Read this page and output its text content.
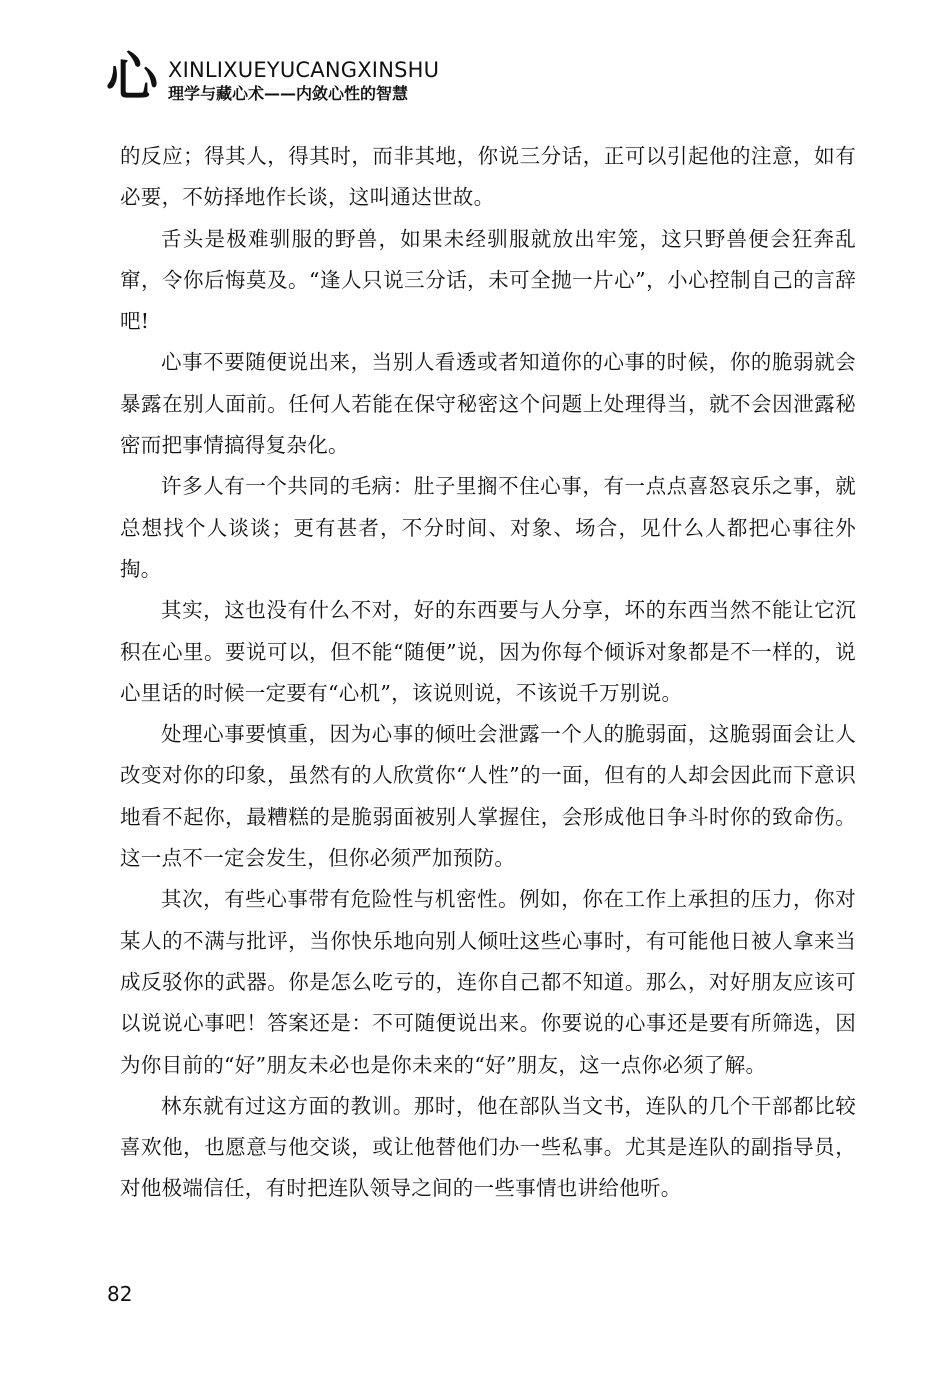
心 XINLIXUEYUCANGXINSHU
理学与藏心术——内敛心性的智慧

的反应；得其人，得其时，而非其地，你说三分话，正可以引起他的注意，如有必要，不妨择地作长谈，这叫通达世故。

舌头是极难驯服的野兽，如果未经驯服就放出牢笼，这只野兽便会狂奔乱窜，令你后悔莫及。“逢人只说三分话，未可全抛一片心”，小心控制自己的言辞吧!

心事不要随便说出来，当别人看透或者知道你的心事的时候，你的脆弱就会暴露在别人面前。任何人若能在保守秘密这个问题上处理得当，就不会因泄露秘密而把事情搞得复杂化。

许多人有一个共同的毛病：肚子里搁不住心事，有一点点喜怒哀乐之事，就总想找个人谈谈；更有甚者，不分时间、对象、场合，见什么人都把心事往外掏。

其实，这也没有什么不对，好的东西要与人分享，坏的东西当然不能让它沉积在心里。要说可以，但不能“随便”说，因为你每个倾诉对象都是不一样的，说心里话的时候一定要有“心机”，该说则说，不该说千万别说。

处理心事要慎重，因为心事的倾吐会泄露一个人的脆弱面，这脆弱面会让人改变对你的印象，虽然有的人欣赏你“人性”的一面，但有的人却会因此而下意识地看不起你，最糟糕的是脆弱面被别人掌握住，会形成他日争斗时你的致命伤。这一点不一定会发生，但你必须严加预防。

其次，有些心事带有危险性与机密性。例如，你在工作上承担的压力，你对某人的不满与批评，当你快乐地向别人倾吐这些心事时，有可能他日被人拿来当成反驳你的武器。你是怎么吃亏的，连你自己都不知道。那么，对好朋友应该可以说说心事吧！答案还是：不可随便说出来。你要说的心事还是要有所筛选，因为你目前的“好”朋友未必也是你未来的“好”朋友，这一点你必须了解。

林东就有过这方面的教训。那时，他在部队当文书，连队的几个干部都比较喜欢他，也愿意与他交谈，或让他替他们办一些私事。尤其是连队的副指导员，对他极端信任，有时把连队领导之间的一些事情也讲给他听。

82
